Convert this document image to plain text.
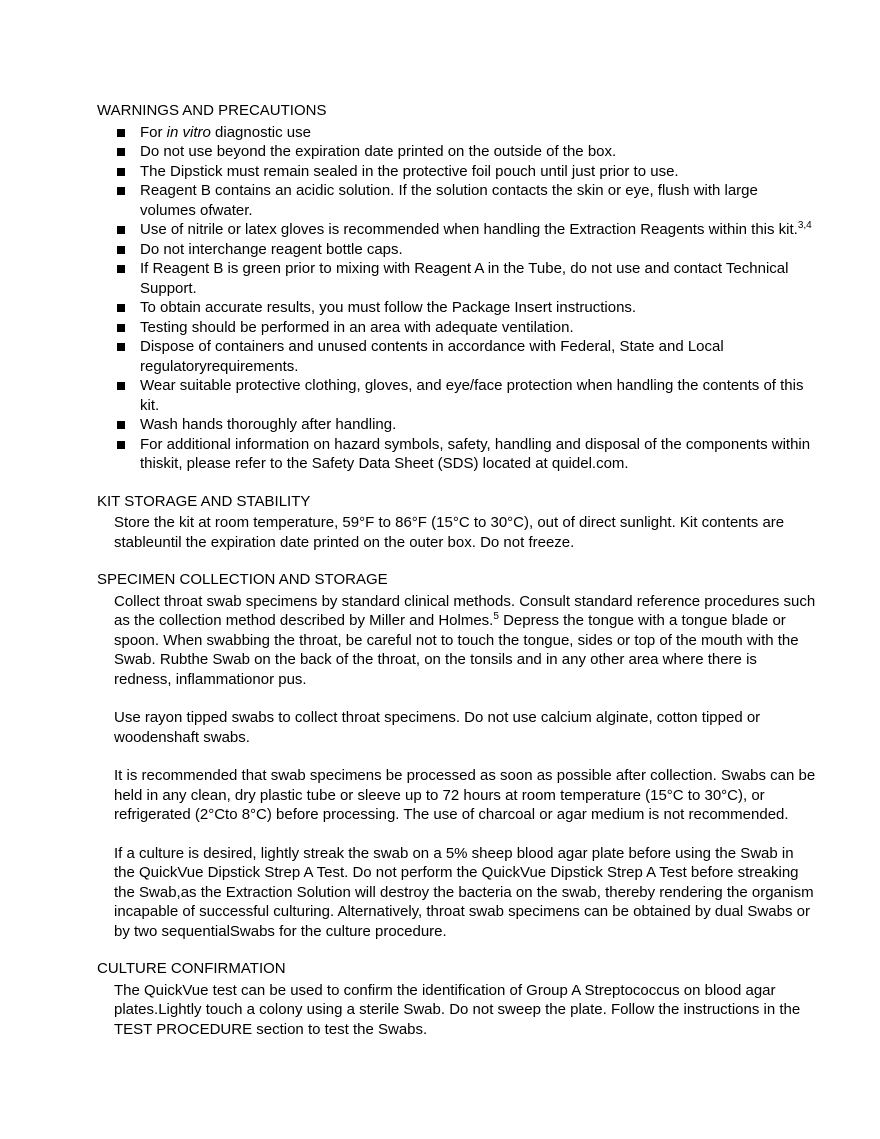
WARNINGS AND PRECAUTIONS
For in vitro diagnostic use
Do not use beyond the expiration date printed on the outside of the box.
The Dipstick must remain sealed in the protective foil pouch until just prior to use.
Reagent B contains an acidic solution. If the solution contacts the skin or eye, flush with large volumes ofwater.
Use of nitrile or latex gloves is recommended when handling the Extraction Reagents within this kit.$^{3,4}$
Do not interchange reagent bottle caps.
If Reagent B is green prior to mixing with Reagent A in the Tube, do not use and contact Technical Support.
To obtain accurate results, you must follow the Package Insert instructions.
Testing should be performed in an area with adequate ventilation.
Dispose of containers and unused contents in accordance with Federal, State and Local regulatoryrequirements.
Wear suitable protective clothing, gloves, and eye/face protection when handling the contents of this kit.
Wash hands thoroughly after handling.
For additional information on hazard symbols, safety, handling and disposal of the components within thiskit, please refer to the Safety Data Sheet (SDS) located at quidel.com.
KIT STORAGE AND STABILITY

Store the kit at room temperature, 59°F to 86°F (15°C to 30°C), out of direct sunlight. Kit contents are stableuntil the expiration date printed on the outer box. Do not freeze.

SPECIMEN COLLECTION AND STORAGE

Collect throat swab specimens by standard clinical methods. Consult standard reference procedures such as the collection method described by Miller and Holmes.$^5$ Depress the tongue with a tongue blade or spoon. When swabbing the throat, be careful not to touch the tongue, sides or top of the mouth with the Swab. Rubthe Swab on the back of the throat, on the tonsils and in any other area where there is redness, inflammationor pus.

Use rayon tipped swabs to collect throat specimens. Do not use calcium alginate, cotton tipped or woodenshaft swabs.

It is recommended that swab specimens be processed as soon as possible after collection. Swabs can be held in any clean, dry plastic tube or sleeve up to 72 hours at room temperature (15°C to 30°C), or refrigerated (2°Cto 8°C) before processing. The use of charcoal or agar medium is not recommended.

If a culture is desired, lightly streak the swab on a 5% sheep blood agar plate before using the Swab in the QuickVue Dipstick Strep A Test. Do not perform the QuickVue Dipstick Strep A Test before streaking the Swab,as the Extraction Solution will destroy the bacteria on the swab, thereby rendering the organism incapable of successful culturing. Alternatively, throat swab specimens can be obtained by dual Swabs or by two sequentialSwabs for the culture procedure.

CULTURE CONFIRMATION

The QuickVue test can be used to confirm the identification of Group A Streptococcus on blood agar plates.Lightly touch a colony using a sterile Swab. Do not sweep the plate. Follow the instructions in the TEST PROCEDURE section to test the Swabs.
